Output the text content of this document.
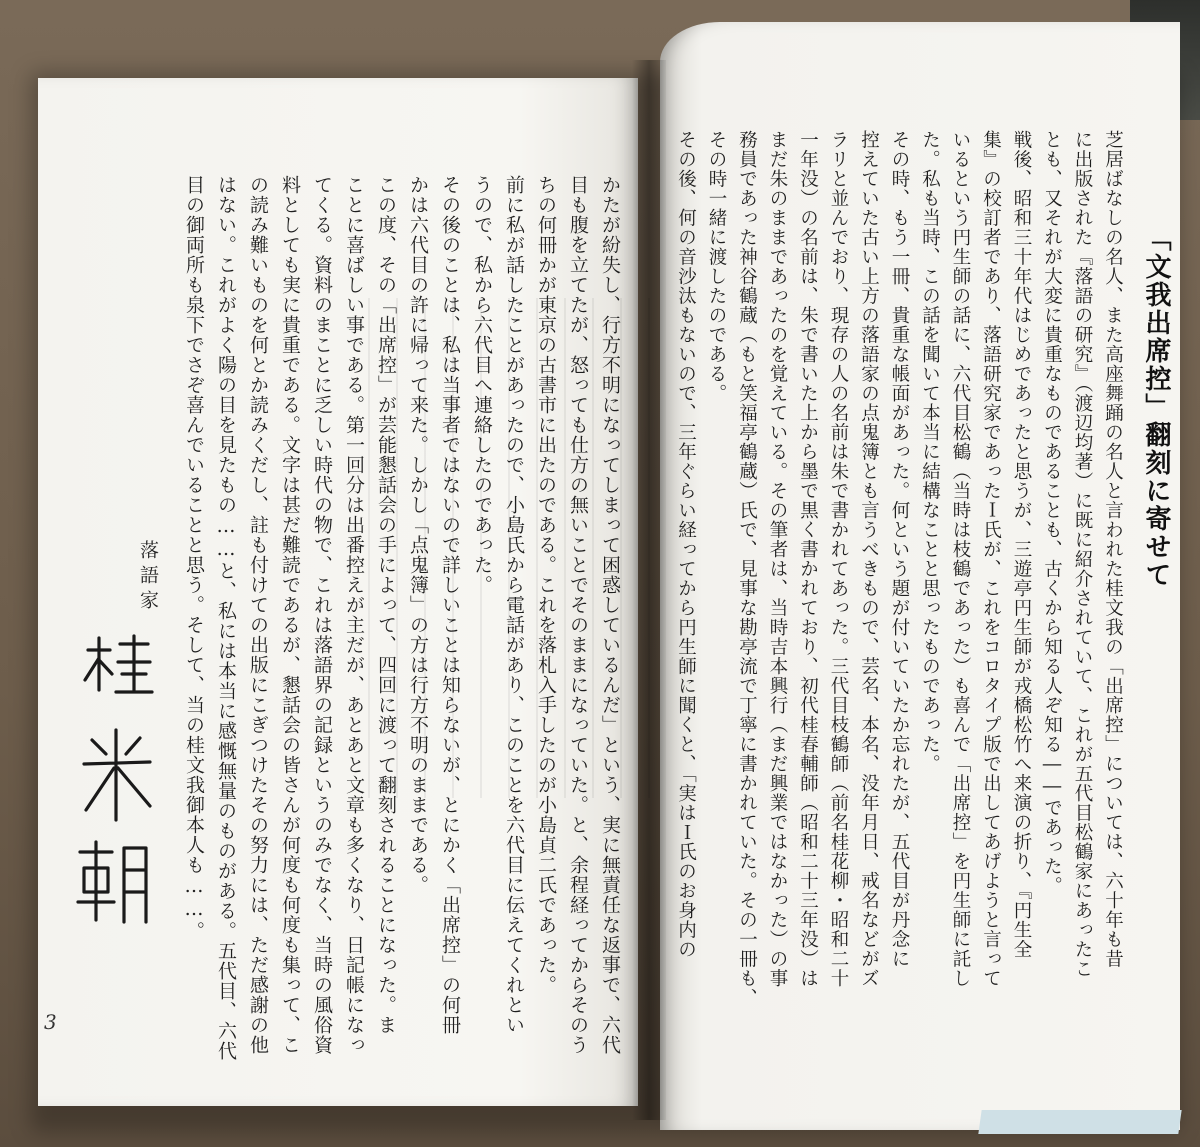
「文我出席控」翻刻に寄せて
芝居ばなしの名人、また高座舞踊の名人と言われた桂文我の「出席控」については、六十年も昔
に出版された『落語の研究』（渡辺均著）に既に紹介されていて、これが五代目松鶴家にあったこ
とも、又それが大変に貴重なものであることも、古くから知る人ぞ知る――であった。
戦後、昭和三十年代はじめであったと思うが、三遊亭円生師が戎橋松竹へ来演の折り、『円生全
集』の校訂者であり、落語研究家であったＩ氏が、これをコロタイプ版で出してあげようと言って
いるという円生師の話に、六代目松鶴（当時は枝鶴であった）も喜んで「出席控」を円生師に託し
た。私も当時、この話を聞いて本当に結構なことと思ったものであった。
その時、もう一冊、貴重な帳面があった。何という題が付いていたか忘れたが、五代目が丹念に
控えていた古い上方の落語家の点鬼簿とも言うべきもので、芸名、本名、没年月日、戒名などがズ
ラリと並んでおり、現存の人の名前は朱で書かれてあった。三代目枝鶴師（前名桂花柳・昭和二十
一年没）の名前は、朱で書いた上から墨で黒く書かれており、初代桂春輔師（昭和二十三年没）は
まだ朱のままであったのを覚えている。その筆者は、当時吉本興行（まだ興業ではなかった）の事
務員であった神谷鶴蔵（もと笑福亭鶴蔵）氏で、見事な勘亭流で丁寧に書かれていた。その一冊も、
その時一緒に渡したのである。
その後、何の音沙汰もないので、三年ぐらい経ってから円生師に聞くと、「実はＩ氏のお身内の
かたが紛失し、行方不明になってしまって困惑しているんだ」という、実に無責任な返事で、六代
目も腹を立てたが、怒っても仕方の無いことでそのままになっていた。と、余程経ってからそのう
ちの何冊かが東京の古書市に出たのである。これを落札入手したのが小島貞二氏であった。
前に私が話したことがあったので、小島氏から電話があり、このことを六代目に伝えてくれとい
うので、私から六代目へ連絡したのであった。
その後のことは、私は当事者ではないので詳しいことは知らないが、とにかく「出席控」の何冊
かは六代目の許に帰って来た。しかし「点鬼簿」の方は行方不明のままである。
この度、その「出席控」が芸能懇話会の手によって、四回に渡って翻刻されることになった。ま
ことに喜ばしい事である。第一回分は出番控えが主だが、あとあと文章も多くなり、日記帳になっ
てくる。資料のまことに乏しい時代の物で、これは落語界の記録というのみでなく、当時の風俗資
料としても実に貴重である。文字は甚だ難読であるが、懇話会の皆さんが何度も何度も集って、こ
の読み難いものを何とか読みくだし、註も付けての出版にこぎつけたその努力には、ただ感謝の他
はない。これがよく陽の目を見たもの……と、私には本当に感慨無量のものがある。五代目、六代
目の御両所も泉下でさぞ喜んでいることと思う。そして、当の桂文我御本人も……。
落語家
3
